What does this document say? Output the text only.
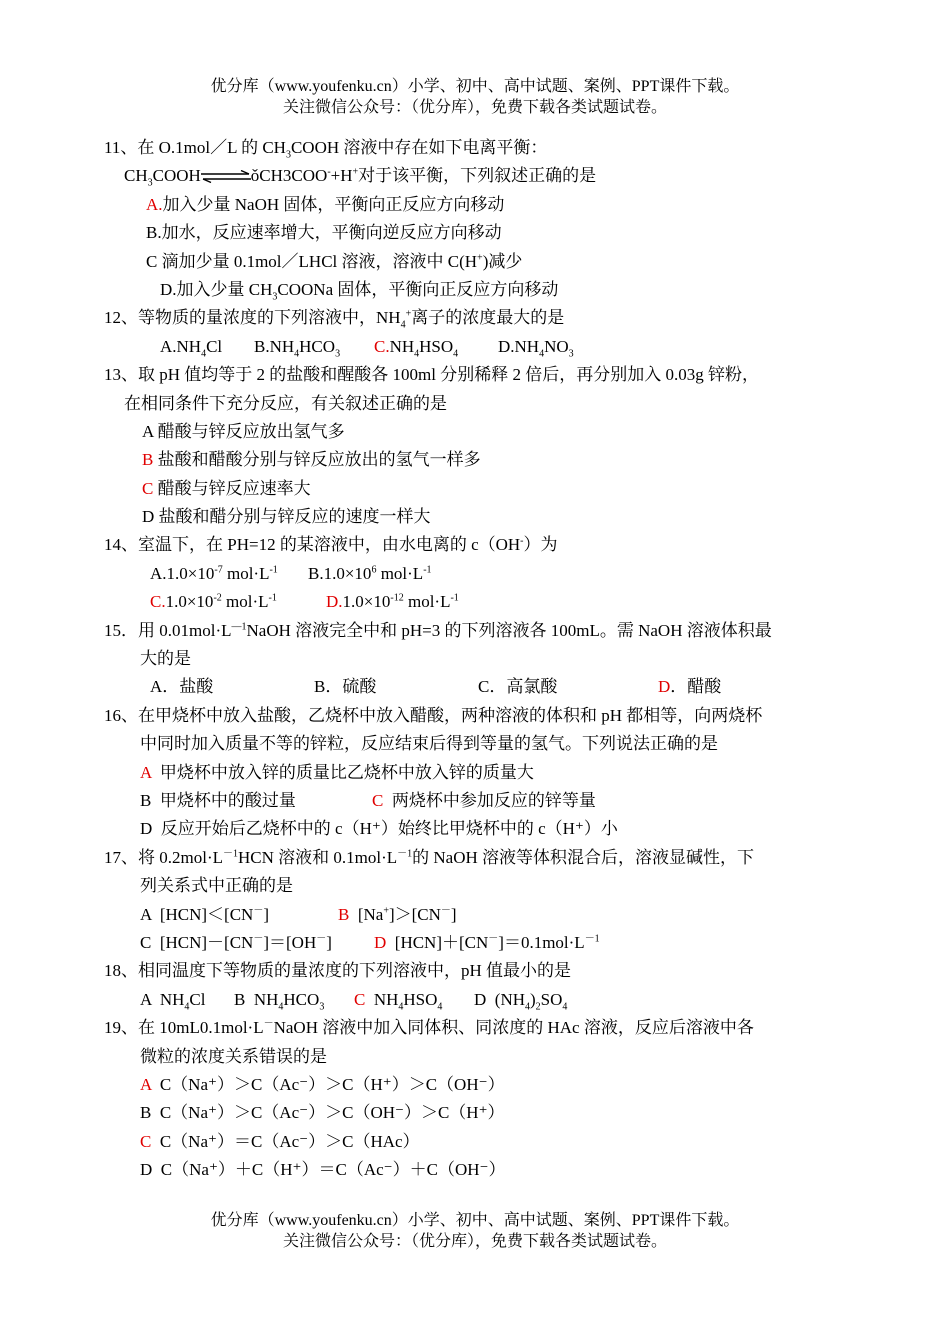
优分库（www.youfenku.cn）小学、初中、高中试题、案例、PPT课件下载。
关注微信公众号：（优分库），免费下载各类试题试卷。
11、在 O.1mol／L 的 $CH_3COOH$ 溶液中存在如下电离平衡：
$CH_3COOH\rightleftharpoons ǒCH3COO^-+H^+$对于该平衡，下列叙述正确的是
A.加入少量 NaOH 固体，平衡向正反应方向移动
B.加水，反应速率增大，平衡向逆反应方向移动
C 滴加少量 0.1mol／LHCl 溶液，溶液中 C(H+)减少
D.加入少量 $CH_3COONa$ 固体，平衡向正反应方向移动
12、等物质的量浓度的下列溶液中，$NH_4^+$离子的浓度最大的是
$A.NH_4Cl$ $B.NH_4HCO_3$ $C.NH_4HSO_4$ $D.NH_4NO_3$
13、取 pH 值均等于 2 的盐酸和醒酸各 100ml 分别稀释 2 倍后，再分别加入 0.03g 锌粉，
在相同条件下充分反应，有关叙述正确的是
A 醋酸与锌反应放出氢气多
B 盐酸和醋酸分别与锌反应放出的氢气一样多
C 醋酸与锌反应速率大
D 盐酸和醋分别与锌反应的速度一样大
14、室温下，在 PH=12 的某溶液中，由水电离的 c（OH-）为
$A.1.0\times 10^{-7}$ $mol\cdot L^{-1}$ $B.1.0\times 10^6$ $mol\cdot L^{-1}$
$C.1.0\times 10^{-2}$ $mol\cdot L^{-1}$	$D.1.0\times 10^{-12}$ $mol\cdot L^{-1}$
15．用 $0.01mol\cdot L^{—1}NaOH$ 溶液完全中和 pH=3 的下列溶液各 100mL。需 NaOH 溶液体积最
大的是
A．盐酸	B．硫酸	C．高氯酸	D．醋酸
16、在甲烧杯中放入盐酸，乙烧杯中放入醋酸，两种溶液的体积和 pH 都相等，向两烧杯
中同时加入质量不等的锌粒，反应结束后得到等量的氢气。下列说法正确的是
A  甲烧杯中放入锌的质量比乙烧杯中放入锌的质量大
B  甲烧杯中的酸过量	C  两烧杯中参加反应的锌等量
D  反应开始后乙烧杯中的 c（H⁺）始终比甲烧杯中的 c（H⁺）小
17、将 $0.2mol\cdot L^{-1}HCN$ 溶液和 $0.1mol\cdot L^{-1}$的 NaOH 溶液等体积混合后，溶液显碱性，下
列关系式中正确的是
A  [HCN]＜[CN－]	B  [Na+]＞[CN－]
C  [HCN]－[CN－]＝[OH－] D  $[HCN]+[CN^-]=0.1mol\cdot L^{-1}$
18、相同温度下等物质的量浓度的下列溶液中，pH 值最小的是
A  $NH_4Cl$ B  $NH_4HCO_3$ C  $NH_4HSO_4$ D  $(NH_4)_2SO_4$
19、在 10mL0.1mol·L－NaOH 溶液中加入同体积、同浓度的 HAc 溶液，反应后溶液中各
微粒的浓度关系错误的是
A  C（Na⁺）＞C（Ac⁻）＞C（H⁺）＞C（OH⁻）
B  C（Na⁺）＞C（Ac⁻）＞C（OH⁻）＞C（H⁺）
C  C（Na⁺）＝C（Ac⁻）＞C（HAc）
D  C（Na⁺）＋C（H⁺）＝C（Ac⁻）＋C（OH⁻）
优分库（www.youfenku.cn）小学、初中、高中试题、案例、PPT课件下载。
关注微信公众号：（优分库），免费下载各类试题试卷。
